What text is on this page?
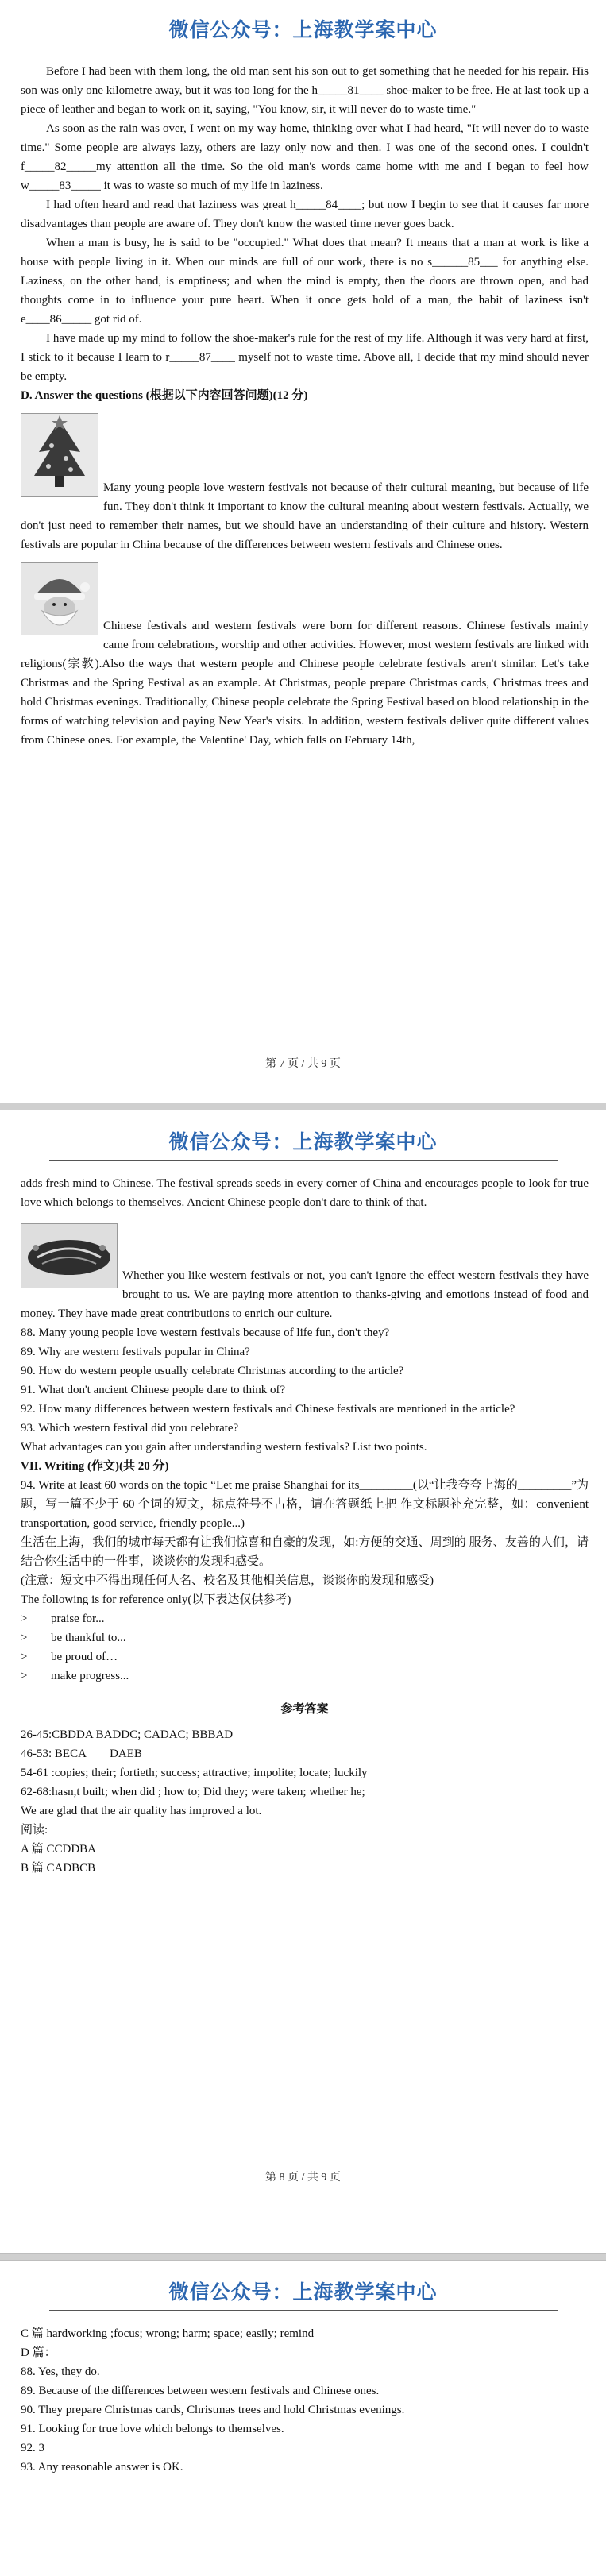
微信公众号：上海教学案中心

Before I had been with them long, the old man sent his son out to get something that he needed for his repair. His son was only one kilometre away, but it was too long for the h_____81____ shoe-maker to be free. He at last took up a piece of leather and began to work on it, saying, "You know, sir, it will never do to waste time."

As soon as the rain was over, I went on my way home, thinking over what I had heard, "It will never do to waste time." Some people are always lazy, others are lazy only now and then. I was one of the second ones. I couldn't f_____82_____my attention all the time. So the old man's words came home with me and I began to feel how w_____83_____ it was to waste so much of my life in laziness.

I had often heard and read that laziness was great h_____84____; but now I begin to see that it causes far more disadvantages than people are aware of. They don't know the wasted time never goes back.

When a man is busy, he is said to be "occupied." What does that mean? It means that a man at work is like a house with people living in it. When our minds are full of our work, there is no s______85___ for anything else. Laziness, on the other hand, is emptiness; and when the mind is empty, then the doors are thrown open, and bad thoughts come in to influence your pure heart. When it once gets hold of a man, the habit of laziness isn't e____86_____ got rid of.

I have made up my mind to follow the shoe-maker's rule for the rest of my life. Although it was very hard at first, I stick to it because I learn to r_____87____ myself not to waste time. Above all, I decide that my mind should never be empty.

D. Answer the questions (根据以下内容回答问题)(12 分)

Many young people love western festivals not because of their cultural meaning, but because of life fun. They don't think it important to know the cultural meaning about western festivals. Actually, we don't just need to remember their names, but we should have an understanding of their culture and history. Western festivals are popular in China because of the differences between western festivals and Chinese ones.

Chinese festivals and western festivals were born for different reasons. Chinese festivals mainly came from celebrations, worship and other activities. However, most western festivals are linked with religions(宗教).Also the ways that western people and Chinese people celebrate festivals aren't similar. Let's take Christmas and the Spring Festival as an example. At Christmas, people prepare Christmas cards, Christmas trees and hold Christmas evenings. Traditionally, Chinese people celebrate the Spring Festival based on blood relationship in the forms of watching television and paying New Year's visits. In addition, western festivals deliver quite different values from Chinese ones. For example, the Valentine' Day, which falls on February 14th,

第 7 页 / 共 9 页
微信公众号：上海教学案中心

adds fresh mind to Chinese. The festival spreads seeds in every corner of China and encourages people to look for true love which belongs to themselves. Ancient Chinese people don't dare to think of that.

Whether you like western festivals or not, you can't ignore the effect western festivals they have brought to us. We are paying more attention to thanks-giving and emotions instead of food and money. They have made great contributions to enrich our culture.

88. Many young people love western festivals because of life fun, don't they?

89. Why are western festivals popular in China?

90. How do western people usually celebrate Christmas according to the article?

91. What don't ancient Chinese people dare to think of?

92. How many differences between western festivals and Chinese festivals are mentioned in the article?

93. Which western festival did you celebrate?

What advantages can you gain after understanding western festivals? List two points.

VII. Writing (作文)(共 20 分)

94. Write at least 60 words on the topic “Let me praise Shanghai for its_________(以“让我夸夸上海的_________”为题，写一篇不少于 60 个词的短文，标点符号不占格，请在答题纸上把 作文标题补充完整，如：convenient transportation, good service, friendly people...)

生活在上海，我们的城市每天都有让我们惊喜和自豪的发现，如:方便的交通、周到的 服务、友善的人们，请结合你生活中的一件事，谈谈你的发现和感受。

(注意：短文中不得出现任何人名、校名及其他相关信息，谈谈你的发现和感受)

The following is for reference only(以下表达仅供参考)

> praise for...

> be thankful to...

> be proud of…

> make progress...

参考答案

26-45:CBDDA BADDC; CADAC; BBBAD

46-53: BECA        DAEB

54-61 :copies; their; fortieth; success; attractive; impolite; locate; luckily

62-68:hasn,t built; when did ; how to; Did they; were taken; whether he;

We are glad that the air quality has improved a lot.

阅读:

A 篇 CCDDBA

B 篇 CADBCB

第 8 页 / 共 9 页
微信公众号：上海教学案中心

C 篇 hardworking ;focus; wrong; harm; space; easily; remind

D 篇：

88. Yes, they do.

89. Because of the differences between western festivals and Chinese ones.

90. They prepare Christmas cards, Christmas trees and hold Christmas evenings.

91. Looking for true love which belongs to themselves.

92. 3

93. Any reasonable answer is OK.
